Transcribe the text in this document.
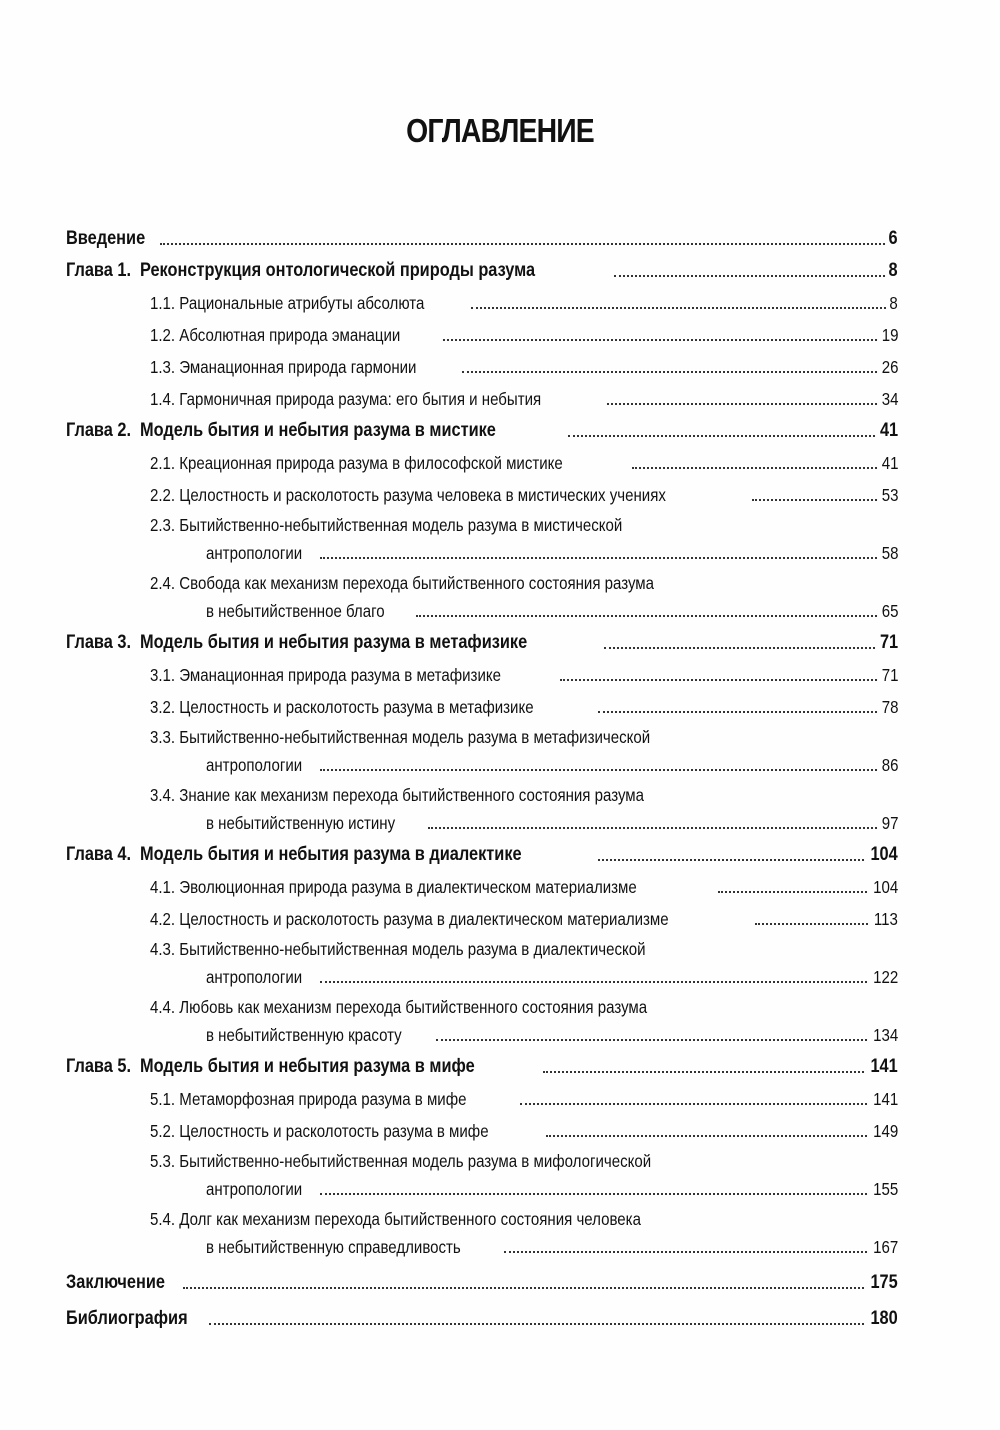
ОГЛАВЛЕНИЕ
Введение	6
Глава 1. Реконструкция онтологической природы разума	8
1.1. Рациональные атрибуты абсолюта	8
1.2. Абсолютная природа эманации	19
1.3. Эманационная природа гармонии	26
1.4. Гармоничная природа разума: его бытия и небытия	34
Глава 2. Модель бытия и небытия разума в мистике	41
2.1. Креационная природа разума в философской мистике	41
2.2. Целостность и расколотость разума человека в мистических учениях	53
2.3. Бытийственно-небытийственная модель разума в мистической
антропологии	58
2.4. Свобода как механизм перехода бытийственного состояния разума
в небытийственное благо	65
Глава 3. Модель бытия и небытия разума в метафизике	71
3.1. Эманационная природа разума в метафизике	71
3.2. Целостность и расколотость разума в метафизике	78
3.3. Бытийственно-небытийственная модель разума в метафизической
антропологии	86
3.4. Знание как механизм перехода бытийственного состояния разума
в небытийственную истину	97
Глава 4. Модель бытия и небытия разума в диалектике	104
4.1. Эволюционная природа разума в диалектическом материализме	104
4.2. Целостность и расколотость разума в диалектическом материализме	113
4.3. Бытийственно-небытийственная модель разума в диалектической
антропологии	122
4.4. Любовь как механизм перехода бытийственного состояния разума
в небытийственную красоту	134
Глава 5. Модель бытия и небытия разума в мифе	141
5.1. Метаморфозная природа разума в мифе	141
5.2. Целостность и расколотость разума в мифе	149
5.3. Бытийственно-небытийственная модель разума в мифологической
антропологии	155
5.4. Долг как механизм перехода бытийственного состояния человека
в небытийственную справедливость	167
Заключение	175
Библиография	180
